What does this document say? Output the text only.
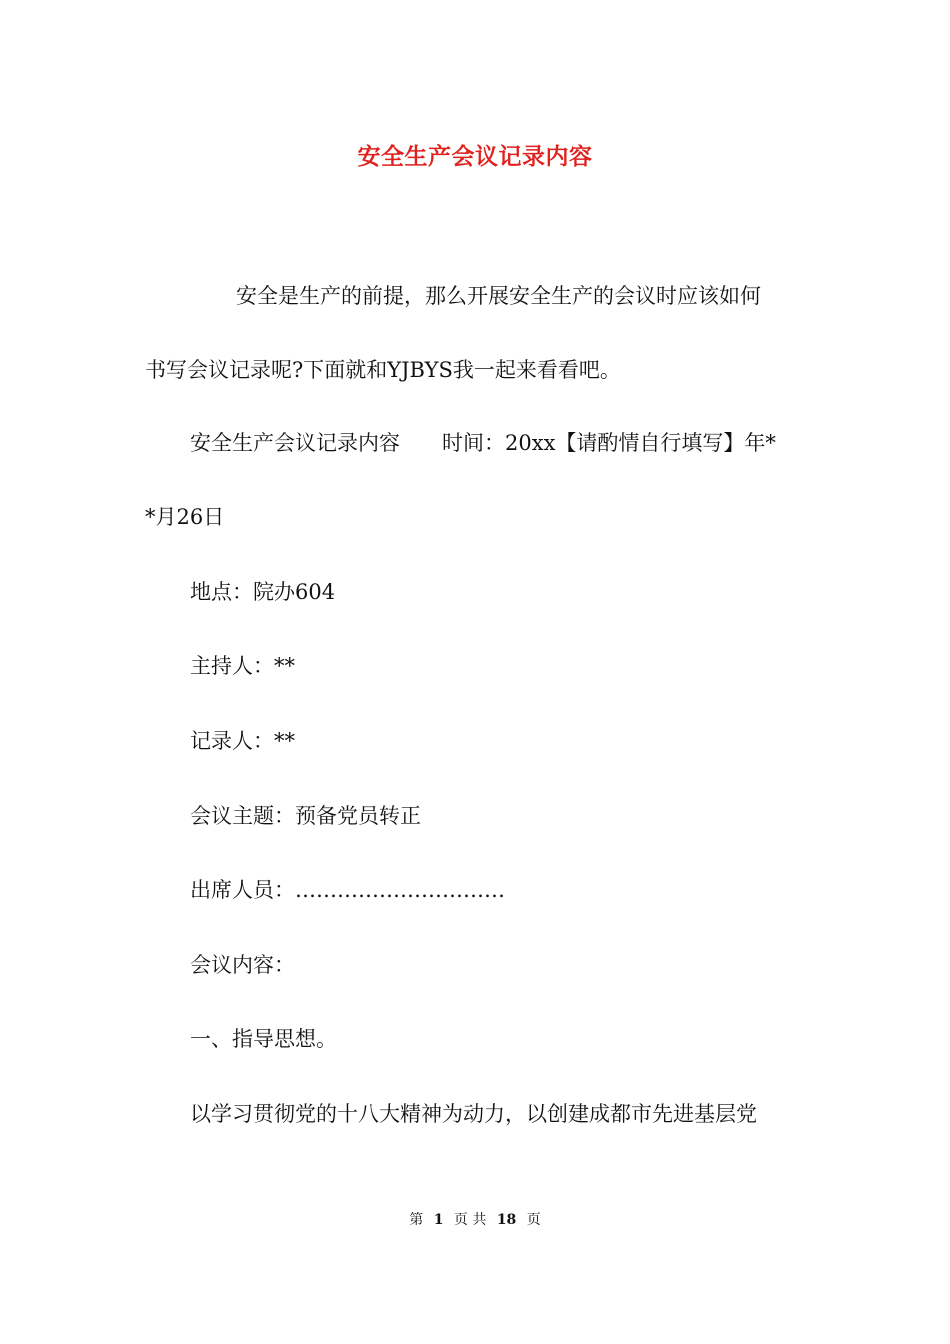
安全生产会议记录内容
安全是生产的前提，那么开展安全生产的会议时应该如何
书写会议记录呢?下面就和YJBYS我一起来看看吧。
安全生产会议记录内容　　时间：20xx【请酌情自行填写】年*
*月26日
地点：院办604
主持人：**
记录人：**
会议主题：预备党员转正
出席人员：…………………………
会议内容：
一、指导思想。
以学习贯彻党的十八大精神为动力，以创建成都市先进基层党
第 1 页 共 18 页
